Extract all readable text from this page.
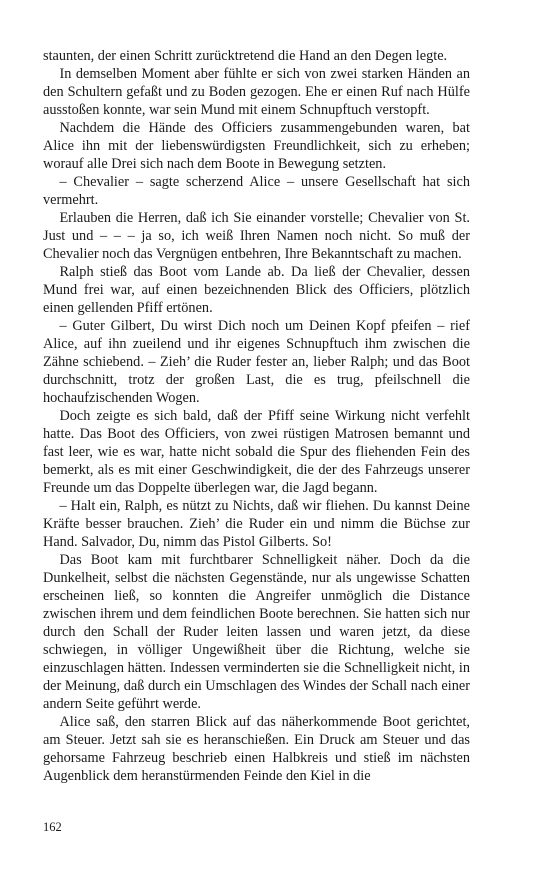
staunten, der einen Schritt zurücktretend die Hand an den Degen legte.

In demselben Moment aber fühlte er sich von zwei starken Händen an den Schultern gefaßt und zu Boden gezogen. Ehe er einen Ruf nach Hülfe ausstoßen konnte, war sein Mund mit einem Schnupftuch verstopft.

Nachdem die Hände des Officiers zusammengebunden waren, bat Alice ihn mit der liebenswürdigsten Freundlichkeit, sich zu erheben; worauf alle Drei sich nach dem Boote in Bewegung setzten.

– Chevalier – sagte scherzend Alice – unsere Gesellschaft hat sich vermehrt.

Erlauben die Herren, daß ich Sie einander vorstelle; Chevalier von St. Just und – – – ja so, ich weiß Ihren Namen noch nicht. So muß der Chevalier noch das Vergnügen entbehren, Ihre Bekanntschaft zu machen.

Ralph stieß das Boot vom Lande ab. Da ließ der Chevalier, dessen Mund frei war, auf einen bezeichnenden Blick des Officiers, plötzlich einen gellenden Pfiff ertönen.

– Guter Gilbert, Du wirst Dich noch um Deinen Kopf pfeifen – rief Alice, auf ihn zueilend und ihr eigenes Schnupftuch ihm zwischen die Zähne schiebend. – Zieh’ die Ruder fester an, lieber Ralph; und das Boot durchschnitt, trotz der großen Last, die es trug, pfeilschnell die hochaufzischenden Wogen.

Doch zeigte es sich bald, daß der Pfiff seine Wirkung nicht verfehlt hatte. Das Boot des Officiers, von zwei rüstigen Matrosen bemannt und fast leer, wie es war, hatte nicht sobald die Spur des fliehenden Fein des bemerkt, als es mit einer Geschwindigkeit, die der des Fahrzeugs unserer Freunde um das Doppelte überlegen war, die Jagd begann.

– Halt ein, Ralph, es nützt zu Nichts, daß wir fliehen. Du kannst Deine Kräfte besser brauchen. Zieh’ die Ruder ein und nimm die Büchse zur Hand. Salvador, Du, nimm das Pistol Gilberts. So!

Das Boot kam mit furchtbarer Schnelligkeit näher. Doch da die Dunkelheit, selbst die nächsten Gegenstände, nur als ungewisse Schatten erscheinen ließ, so konnten die Angreifer unmöglich die Distance zwischen ihrem und dem feindlichen Boote berechnen. Sie hatten sich nur durch den Schall der Ruder leiten lassen und waren jetzt, da diese schwiegen, in völliger Ungewißheit über die Richtung, welche sie einzuschlagen hätten. Indessen verminderten sie die Schnelligkeit nicht, in der Meinung, daß durch ein Umschlagen des Windes der Schall nach einer andern Seite geführt werde.

Alice saß, den starren Blick auf das näherkommende Boot gerichtet, am Steuer. Jetzt sah sie es heranschießen. Ein Druck am Steuer und das gehorsame Fahrzeug beschrieb einen Halbkreis und stieß im nächsten Augenblick dem heranstürmenden Feinde den Kiel in die

162
